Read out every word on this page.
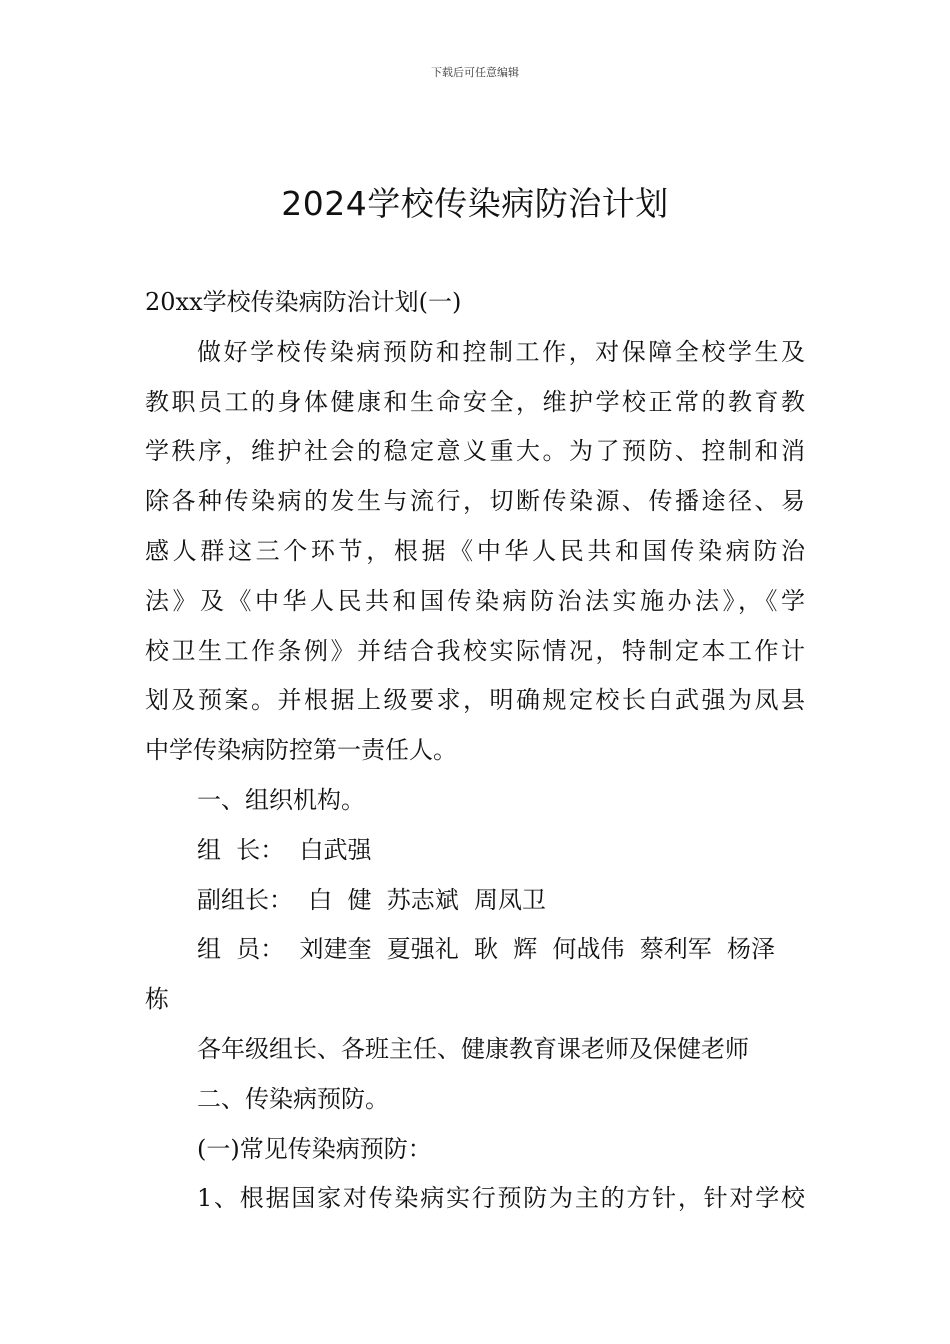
下载后可任意编辑
2024学校传染病防治计划
20xx学校传染病防治计划(一)
做好学校传染病预防和控制工作，对保障全校学生及
教职员工的身体健康和生命安全，维护学校正常的教育教
学秩序，维护社会的稳定意义重大。为了预防、控制和消
除各种传染病的发生与流行，切断传染源、传播途径、易
感人群这三个环节，根据《中华人民共和国传染病防治
法》及《中华人民共和国传染病防治法实施办法》，《学
校卫生工作条例》并结合我校实际情况，特制定本工作计
划及预案。并根据上级要求，明确规定校长白武强为凤县
中学传染病防控第一责任人。
一、组织机构。
组  长：  白武强
副组长：  白  健  苏志斌  周凤卫
组  员：  刘建奎  夏强礼  耿  辉  何战伟  蔡利军  杨泽
栋
各年级组长、各班主任、健康教育课老师及保健老师
二、传染病预防。
(一)常见传染病预防：
1、根据国家对传染病实行预防为主的方针，针对学校
